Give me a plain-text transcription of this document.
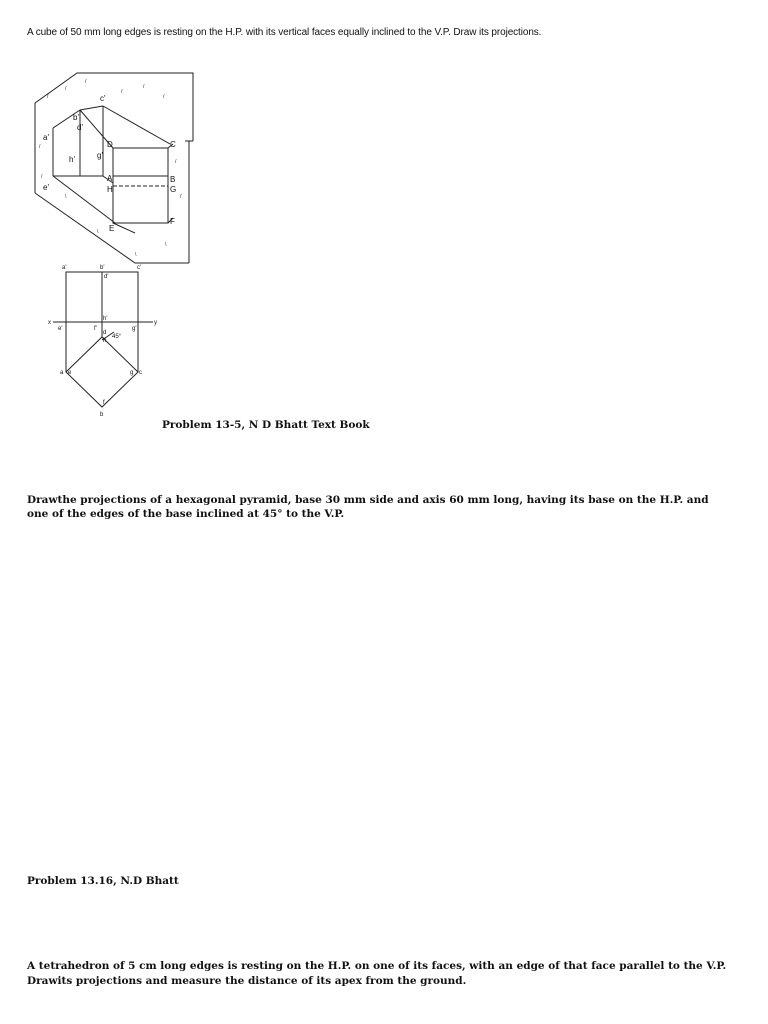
A cube of 50 mm long edges is resting on the H.P. with its vertical faces equally inclined to the V.P. Draw its projections.
/
/
/
/
/
/
/
/
/
/
\
\
\
\
c'
b'
d'
g'
h'
a'
e'
C
D
A
H
B
G
F
E
a'	b'	c'
d'
x	y
e'	f'
h'
g'
d
h
45°
a e	c
g
b
f
Problem 13-5, N D Bhatt Text Book
Drawthe projections of a hexagonal pyramid, base 30 mm side and axis 60 mm long, having its base on the H.P. and
one of the edges of the base inclined at 45° to the V.P.
Problem 13.16, N.D Bhatt
A tetrahedron of 5 cm long edges is resting on the H.P. on one of its faces, with an edge of that face parallel to the V.P.
Drawits projections and measure the distance of its apex from the ground.
